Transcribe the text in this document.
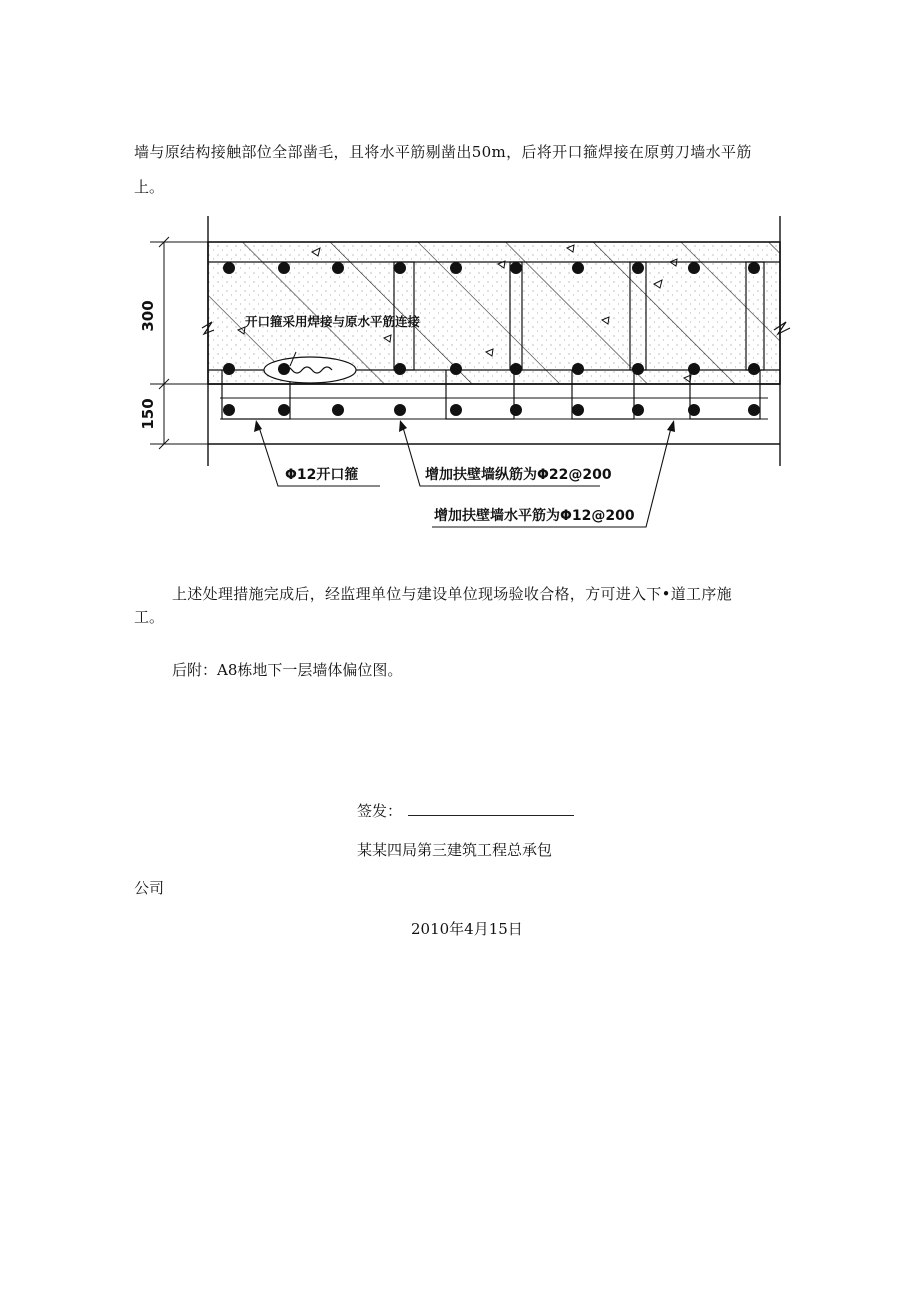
墙与原结构接触部位全部凿毛，且将水平筋剔凿出50m，后将开口箍焊接在原剪刀墙水平筋
上。
300
150
开口箍采用焊接与原水平筋连接
Φ12开口箍	增加扶壁墙纵筋为Φ22@200
增加扶壁墙水平筋为Φ12@200
上述处理措施完成后，经监理单位与建设单位现场验收合格，方可进入下•道工序施
工。
后附：A8栋地下一层墙体偏位图。
签发：
某某四局第三建筑工程总承包
公司
2010年4月15日
